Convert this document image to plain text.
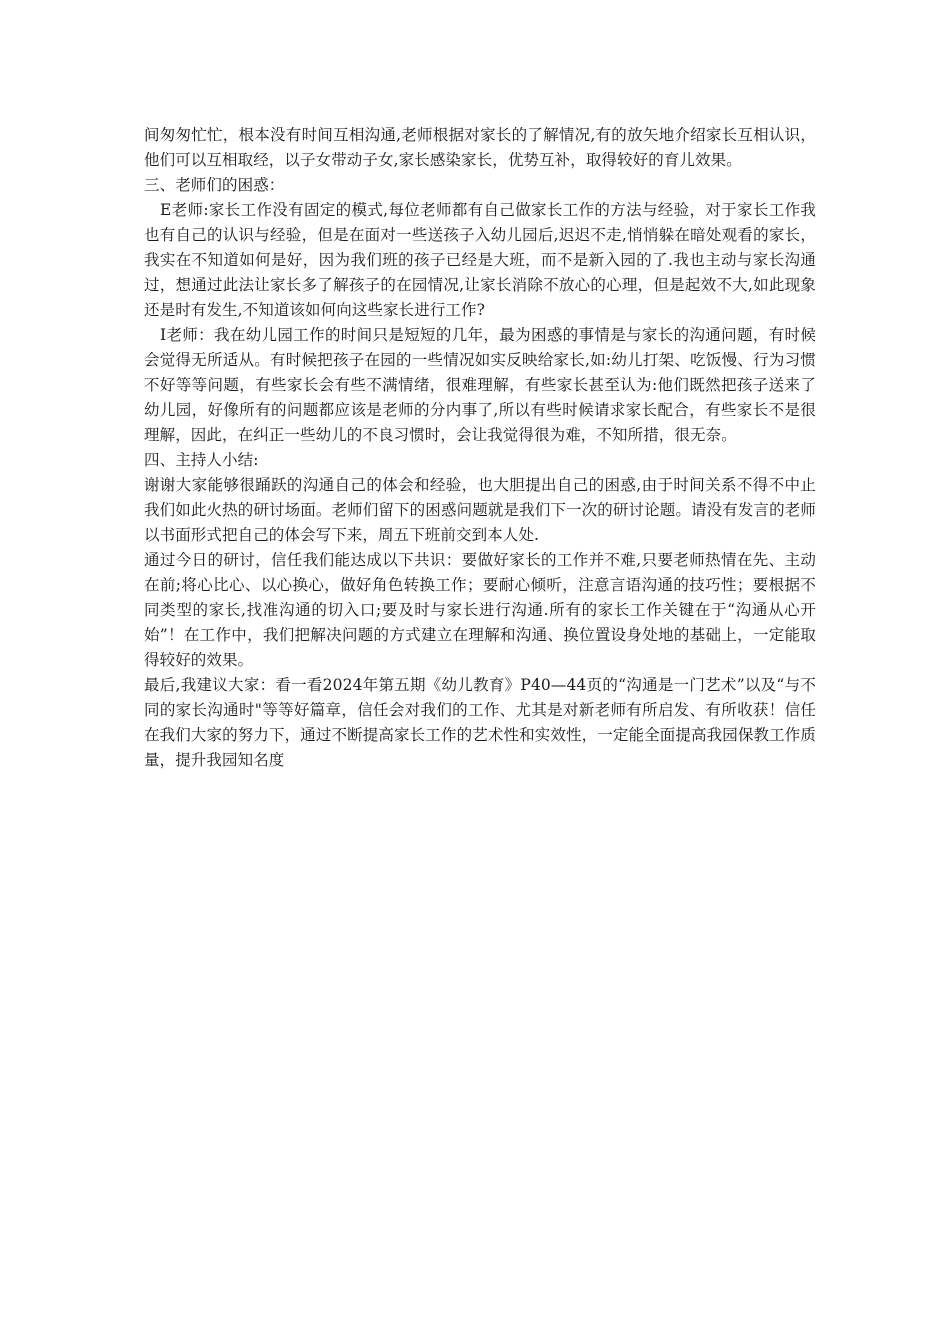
间匆匆忙忙，根本没有时间互相沟通,老师根据对家长的了解情况,有的放矢地介绍家长互相认识，他们可以互相取经，以子女带动子女,家长感染家长，优势互补，取得较好的育儿效果。

三、老师们的困惑：

E老师:家长工作没有固定的模式,每位老师都有自己做家长工作的方法与经验，对于家长工作我也有自己的认识与经验，但是在面对一些送孩子入幼儿园后,迟迟不走,悄悄躲在暗处观看的家长，我实在不知道如何是好，因为我们班的孩子已经是大班，而不是新入园的了.我也主动与家长沟通过，想通过此法让家长多了解孩子的在园情况,让家长消除不放心的心理，但是起效不大,如此现象还是时有发生,不知道该如何向这些家长进行工作?

I老师：我在幼儿园工作的时间只是短短的几年，最为困惑的事情是与家长的沟通问题，有时候会觉得无所适从。有时候把孩子在园的一些情况如实反映给家长,如:幼儿打架、吃饭慢、行为习惯不好等等问题，有些家长会有些不满情绪，很难理解，有些家长甚至认为:他们既然把孩子送来了幼儿园，好像所有的问题都应该是老师的分内事了,所以有些时候请求家长配合，有些家长不是很理解，因此，在纠正一些幼儿的不良习惯时，会让我觉得很为难，不知所措，很无奈。

四、主持人小结:

谢谢大家能够很踊跃的沟通自己的体会和经验，也大胆提出自己的困惑,由于时间关系不得不中止我们如此火热的研讨场面。老师们留下的困惑问题就是我们下一次的研讨论题。请没有发言的老师以书面形式把自己的体会写下来，周五下班前交到本人处.

通过今日的研讨，信任我们能达成以下共识：要做好家长的工作并不难,只要老师热情在先、主动在前;将心比心、以心换心，做好角色转换工作；要耐心倾听，注意言语沟通的技巧性；要根据不同类型的家长,找准沟通的切入口;要及时与家长进行沟通.所有的家长工作关键在于“沟通从心开始”！在工作中，我们把解决问题的方式建立在理解和沟通、换位置设身处地的基础上，一定能取得较好的效果。

最后,我建议大家：看一看2024年第五期《幼儿教育》P40—44页的“沟通是一门艺术”以及“与不同的家长沟通时"等等好篇章，信任会对我们的工作、尤其是对新老师有所启发、有所收获！信任在我们大家的努力下，通过不断提高家长工作的艺术性和实效性，一定能全面提高我园保教工作质量，提升我园知名度
